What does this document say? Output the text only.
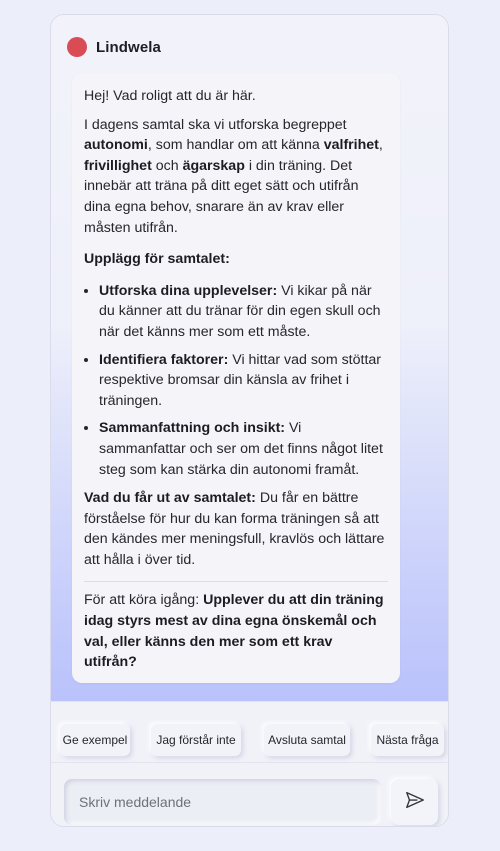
Lindwela

Hej! Vad roligt att du är här.

I dagens samtal ska vi utforska begreppet autonomi, som handlar om att känna valfrihet, frivillighet och ägarskap i din träning. Det innebär att träna på ditt eget sätt och utifrån dina egna behov, snarare än av krav eller måsten utifrån.

Upplägg för samtalet:

• Utforska dina upplevelser: Vi kikar på när du känner att du tränar för din egen skull och när det känns mer som ett måste.
• Identifiera faktorer: Vi hittar vad som stöttar respektive bromsar din känsla av frihet i träningen.
• Sammanfattning och insikt: Vi sammanfattar och ser om det finns något litet steg som kan stärka din autonomi framåt.

Vad du får ut av samtalet: Du får en bättre förståelse för hur du kan forma träningen så att den kändes mer meningsfull, kravlös och lättare att hålla i över tid.

För att köra igång: Upplever du att din träning idag styrs mest av dina egna önskemål och val, eller känns den mer som ett krav utifrån?

Ge exempel	Jag förstår inte	Avsluta samtal	Nästa fråga
Skriv meddelande
